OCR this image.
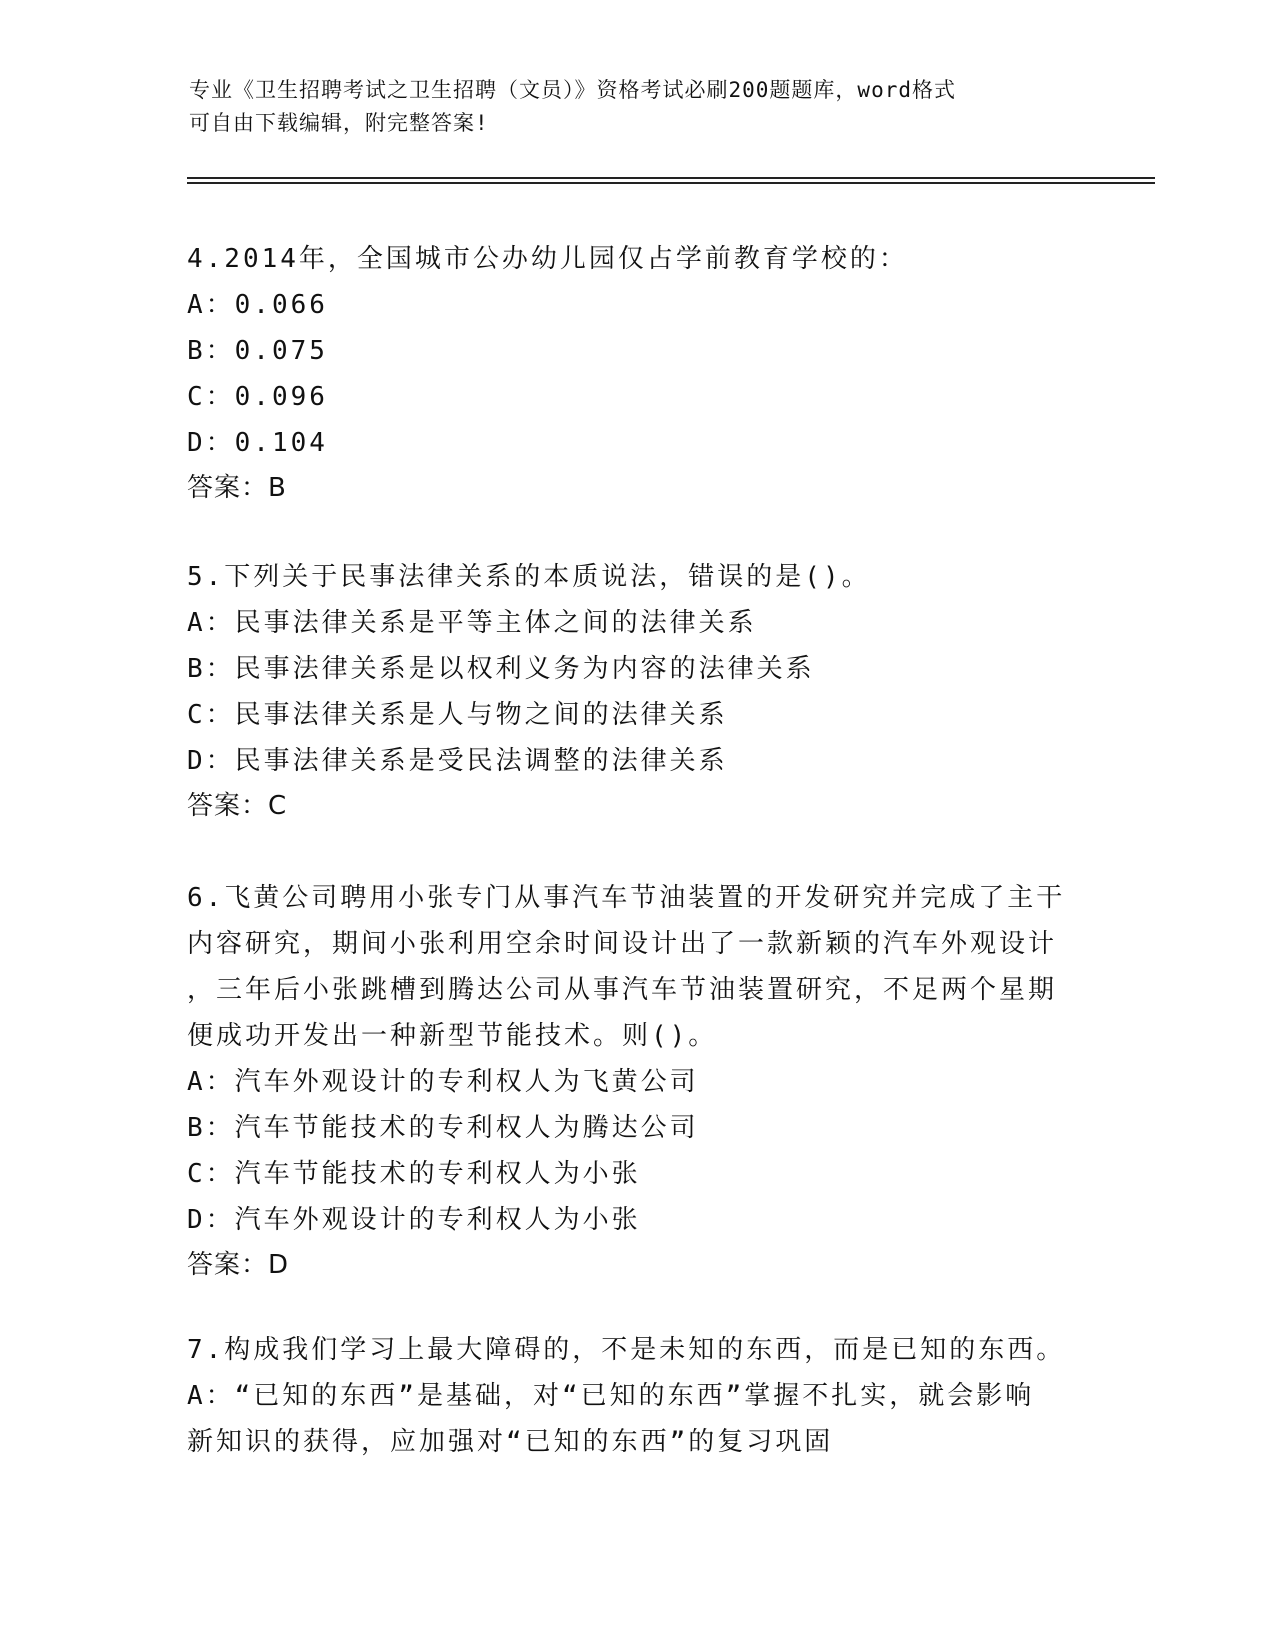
专业《卫生招聘考试之卫生招聘（文员）》资格考试必刷200题题库，word格式
可自由下载编辑，附完整答案!
4.2014年，全国城市公办幼儿园仅占学前教育学校的：
A：0.066
B：0.075
C：0.096
D：0.104
答案：B
5.下列关于民事法律关系的本质说法，错误的是()。
A：民事法律关系是平等主体之间的法律关系
B：民事法律关系是以权利义务为内容的法律关系
C：民事法律关系是人与物之间的法律关系
D：民事法律关系是受民法调整的法律关系
答案：C
6.飞黄公司聘用小张专门从事汽车节油装置的开发研究并完成了主干
内容研究，期间小张利用空余时间设计出了一款新颖的汽车外观设计
，三年后小张跳槽到腾达公司从事汽车节油装置研究，不足两个星期
便成功开发出一种新型节能技术。则()。
A：汽车外观设计的专利权人为飞黄公司
B：汽车节能技术的专利权人为腾达公司
C：汽车节能技术的专利权人为小张
D：汽车外观设计的专利权人为小张
答案：D
7.构成我们学习上最大障碍的，不是未知的东西，而是已知的东西。
A：“已知的东西”是基础，对“已知的东西”掌握不扎实，就会影响
新知识的获得，应加强对“已知的东西”的复习巩固
